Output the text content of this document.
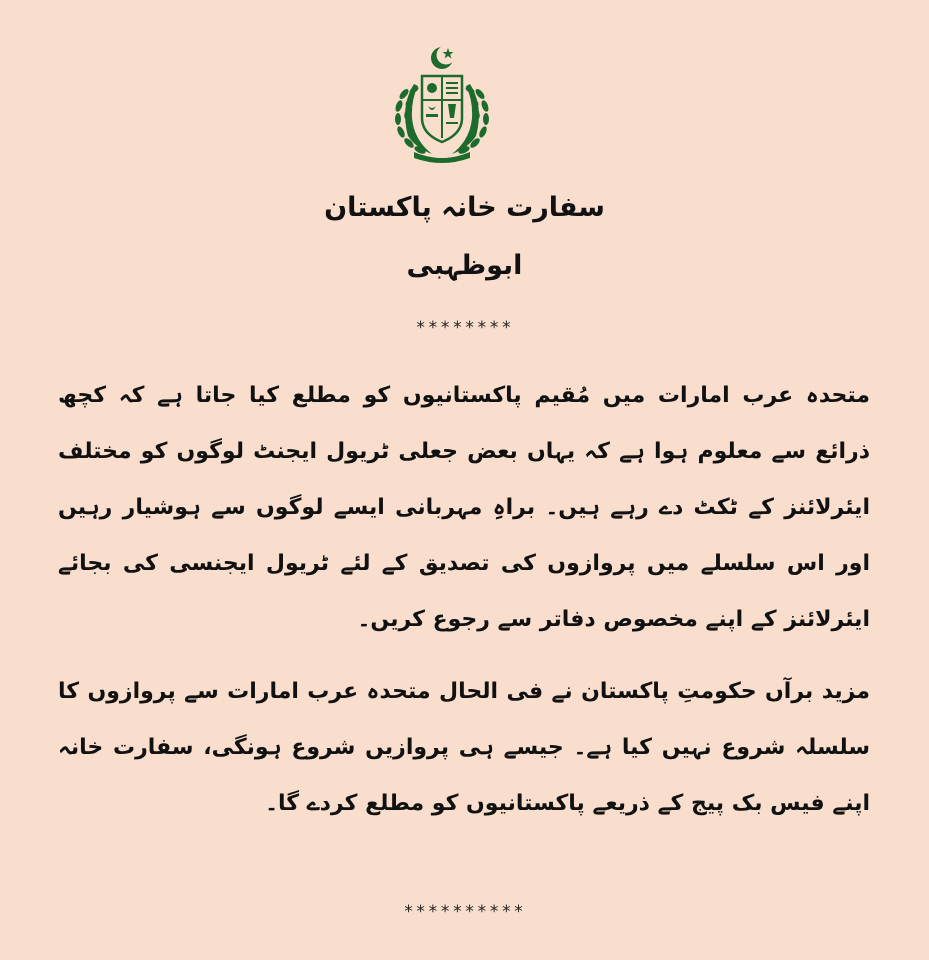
سفارت خانہ پاکستان
ابوظہبی
********

متحدہ عرب امارات میں مُقیم پاکستانیوں کو مطلع کیا جاتا ہے کہ کچھ ذرائع سے معلوم ہوا ہے کہ یہاں بعض جعلی ٹریول ایجنٹ لوگوں کو مختلف ایئرلائنز کے ٹکٹ دے رہے ہیں۔ براہِ مہربانی ایسے لوگوں سے ہوشیار رہیں اور اس سلسلے میں پروازوں کی تصدیق کے لئے ٹریول ایجنسی کی بجائے ایئرلائنز کے اپنے مخصوص دفاتر سے رجوع کریں۔

مزید برآں حکومتِ پاکستان نے فی الحال متحدہ عرب امارات سے پروازوں کا سلسلہ شروع نہیں کیا ہے۔ جیسے ہی پروازیں شروع ہونگی، سفارت خانہ اپنے فیس بک پیج کے ذریعے پاکستانیوں کو مطلع کردے گا۔

**********
